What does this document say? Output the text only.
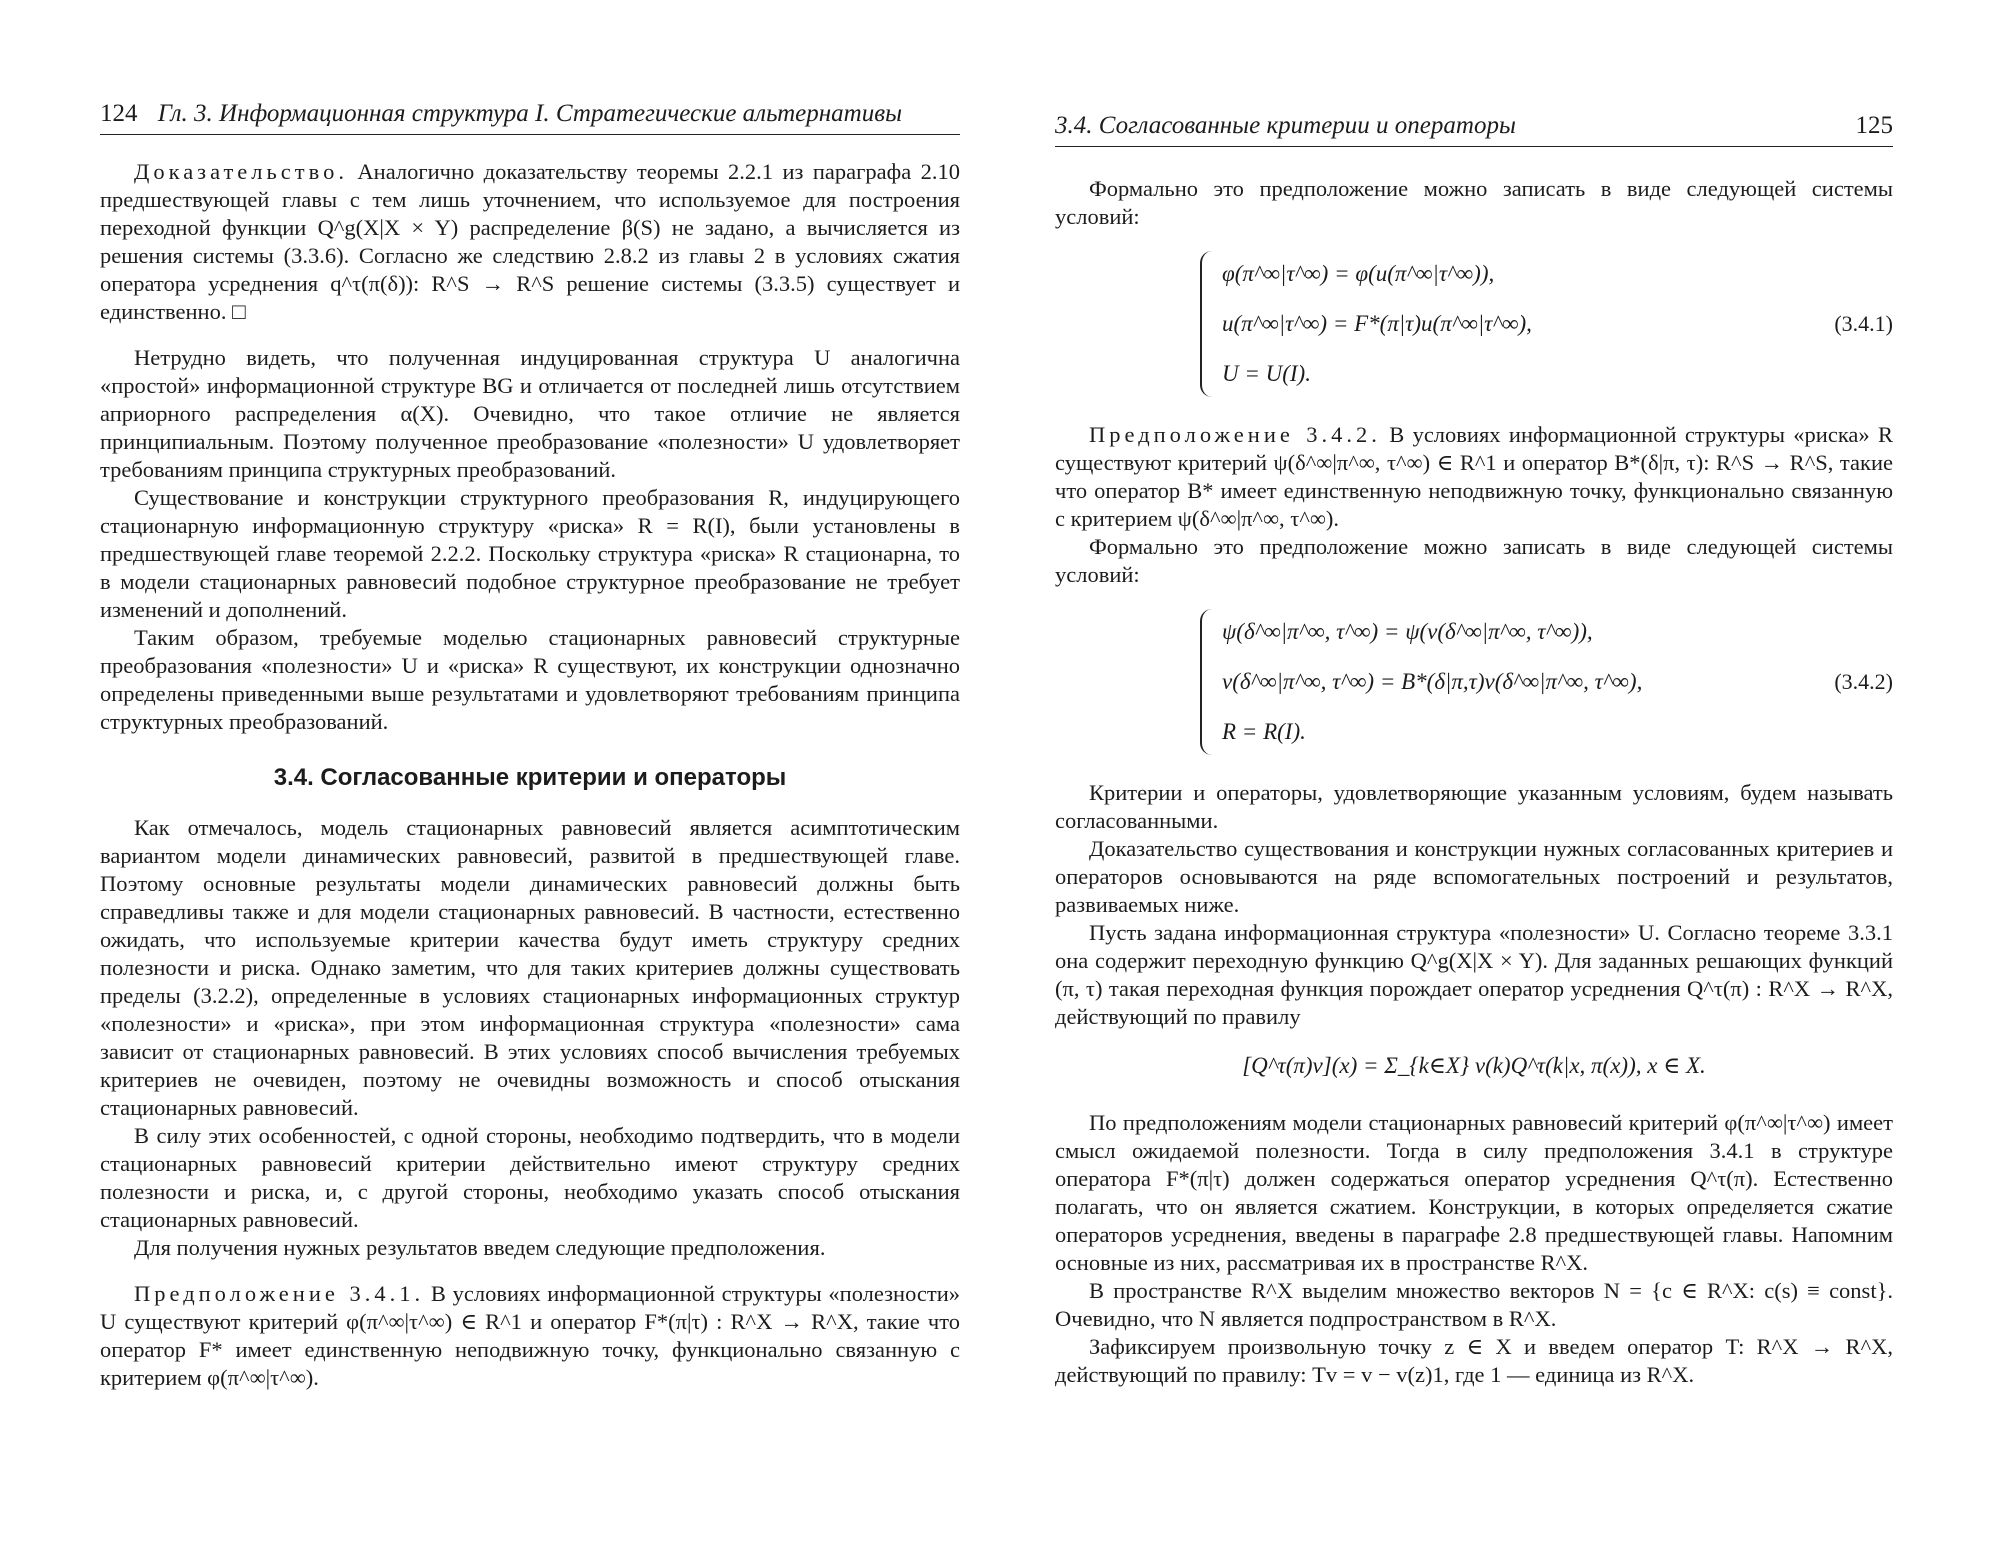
124 Гл. 3. Информационная структура I. Стратегические альтернативы

Доказательство. Аналогично доказательству теоремы 2.2.1 из параграфа 2.10 предшествующей главы с тем лишь уточнением, что используемое для построения переходной функции Q^g(X|X × Y) распределение β(S) не задано, а вычисляется из решения системы (3.3.6). Согласно же следствию 2.8.2 из главы 2 в условиях сжатия оператора усреднения q^τ(π(δ)): R^S → R^S решение системы (3.3.5) существует и единственно. □

Нетрудно видеть, что полученная индуцированная структура U аналогична «простой» информационной структуре BG и отличается от последней лишь отсутствием априорного распределения α(X). Очевидно, что такое отличие не является принципиальным. Поэтому полученное преобразование «полезности» U удовлетворяет требованиям принципа структурных преобразований.

Существование и конструкции структурного преобразования R, индуцирующего стационарную информационную структуру «риска» R = R(I), были установлены в предшествующей главе теоремой 2.2.2. Поскольку структура «риска» R стационарна, то в модели стационарных равновесий подобное структурное преобразование не требует изменений и дополнений.

Таким образом, требуемые моделью стационарных равновесий структурные преобразования «полезности» U и «риска» R существуют, их конструкции однозначно определены приведенными выше результатами и удовлетворяют требованиям принципа структурных преобразований.

3.4. Согласованные критерии и операторы

Как отмечалось, модель стационарных равновесий является асимптотическим вариантом модели динамических равновесий, развитой в предшествующей главе. Поэтому основные результаты модели динамических равновесий должны быть справедливы также и для модели стационарных равновесий. В частности, естественно ожидать, что используемые критерии качества будут иметь структуру средних полезности и риска. Однако заметим, что для таких критериев должны существовать пределы (3.2.2), определенные в условиях стационарных информационных структур «полезности» и «риска», при этом информационная структура «полезности» сама зависит от стационарных равновесий. В этих условиях способ вычисления требуемых критериев не очевиден, поэтому не очевидны возможность и способ отыскания стационарных равновесий.

В силу этих особенностей, с одной стороны, необходимо подтвердить, что в модели стационарных равновесий критерии действительно имеют структуру средних полезности и риска, и, с другой стороны, необходимо указать способ отыскания стационарных равновесий.

Для получения нужных результатов введем следующие предположения.

Предположение 3.4.1. В условиях информационной структуры «полезности» U существуют критерий φ(π^∞|τ^∞) ∈ R^1 и оператор F*(π|τ) : R^X → R^X, такие что оператор F* имеет единственную неподвижную точку, функционально связанную с критерием φ(π^∞|τ^∞).

3.4. Согласованные критерии и операторы	125

Формально это предположение можно записать в виде следующей системы условий:

φ(π^∞|τ^∞) = φ(u(π^∞|τ^∞)),
u(π^∞|τ^∞) = F*(π|τ)u(π^∞|τ^∞),
U = U(I).
(3.4.1)

Предположение 3.4.2. В условиях информационной структуры «риска» R существуют критерий ψ(δ^∞|π^∞, τ^∞) ∈ R^1 и оператор B*(δ|π, τ): R^S → R^S, такие что оператор B* имеет единственную неподвижную точку, функционально связанную с критерием ψ(δ^∞|π^∞, τ^∞).

Формально это предположение можно записать в виде следующей системы условий:

ψ(δ^∞|π^∞, τ^∞) = ψ(v(δ^∞|π^∞, τ^∞)),
v(δ^∞|π^∞, τ^∞) = B*(δ|π,τ)v(δ^∞|π^∞, τ^∞),
R = R(I).
(3.4.2)

Критерии и операторы, удовлетворяющие указанным условиям, будем называть согласованными.

Доказательство существования и конструкции нужных согласованных критериев и операторов основываются на ряде вспомогательных построений и результатов, развиваемых ниже.

Пусть задана информационная структура «полезности» U. Согласно теореме 3.3.1 она содержит переходную функцию Q^g(X|X × Y). Для заданных решающих функций (π, τ) такая переходная функция порождает оператор усреднения Q^τ(π) : R^X → R^X, действующий по правилу

[Q^τ(π)v](x) = Σ_{k∈X} v(k)Q^τ(k|x, π(x)), x ∈ X.

По предположениям модели стационарных равновесий критерий φ(π^∞|τ^∞) имеет смысл ожидаемой полезности. Тогда в силу предположения 3.4.1 в структуре оператора F*(π|τ) должен содержаться оператор усреднения Q^τ(π). Естественно полагать, что он является сжатием. Конструкции, в которых определяется сжатие операторов усреднения, введены в параграфе 2.8 предшествующей главы. Напомним основные из них, рассматривая их в пространстве R^X.

В пространстве R^X выделим множество векторов N = {c ∈ R^X: c(s) ≡ const}. Очевидно, что N является подпространством в R^X.

Зафиксируем произвольную точку z ∈ X и введем оператор T: R^X → R^X, действующий по правилу: Tv = v − v(z)1, где 1 — единица из R^X.
